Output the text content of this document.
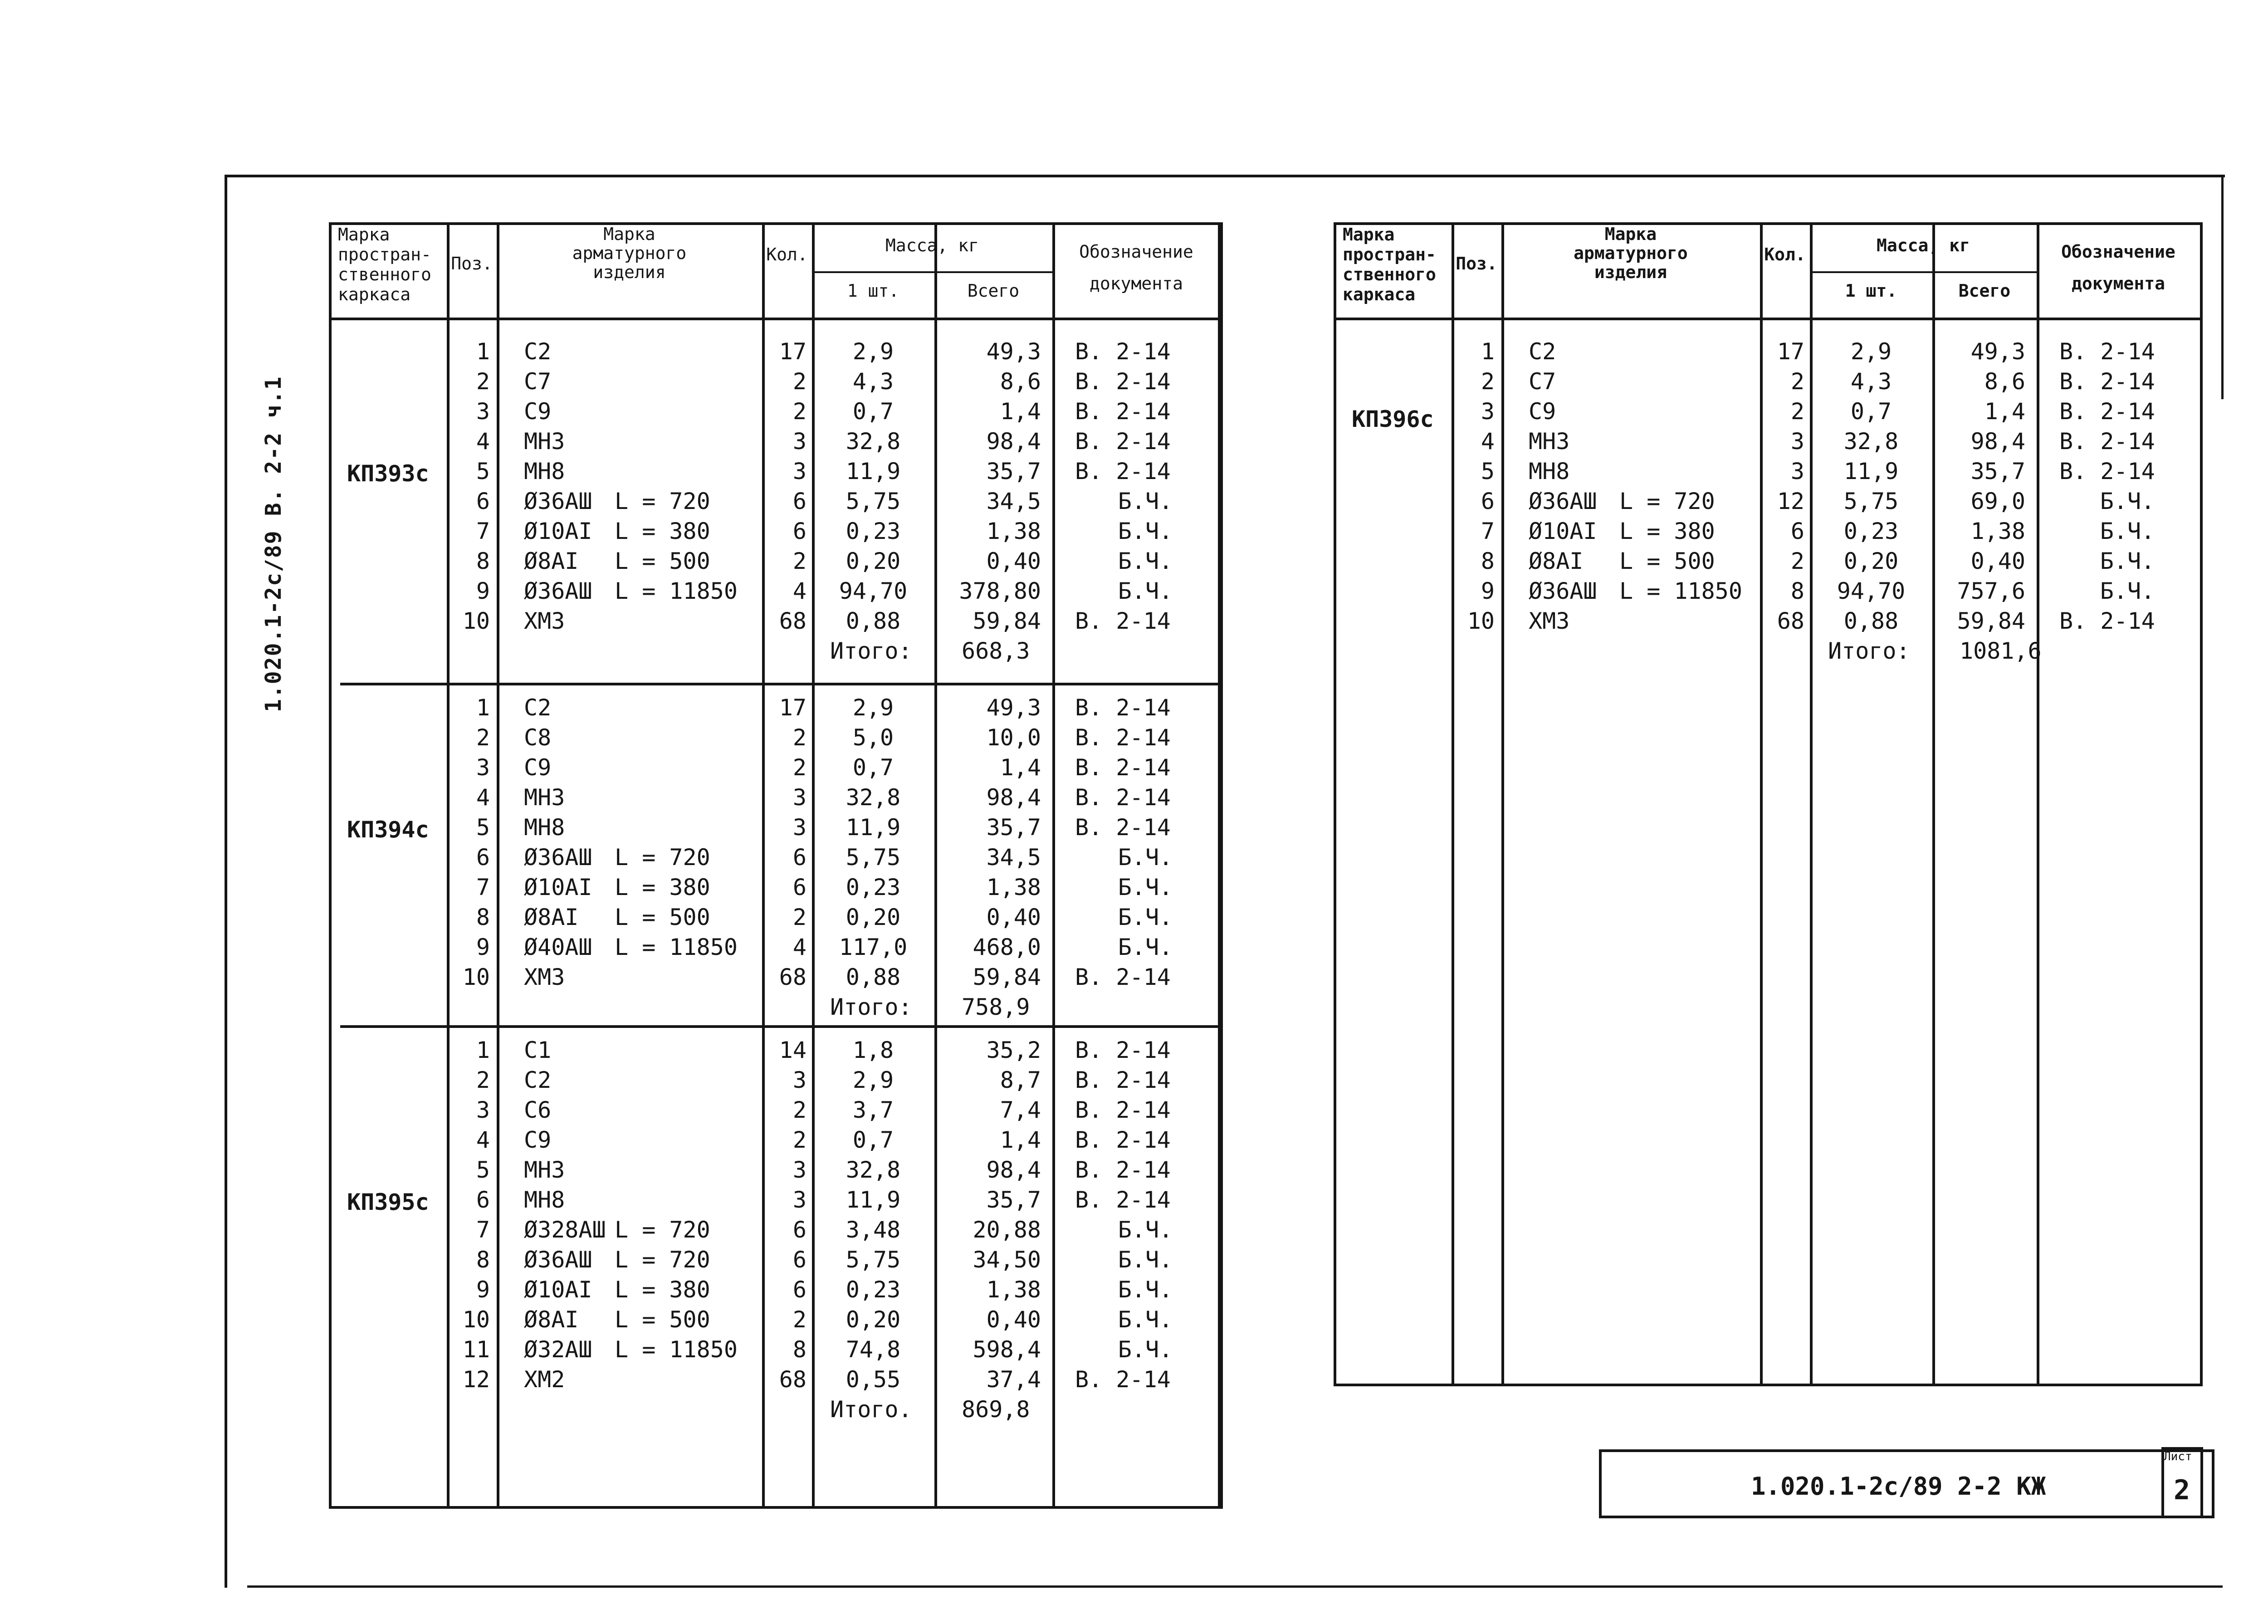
1.020.1-2с/89 В. 2-2 ч.1
1.020.1-2с/89 2-2 КЖ
Лист
2
Марка
простран-
ственного
каркаса
Поз.
Марка
арматурного
изделия
Кол.	Масса, кг
1 шт.	Всего
Обозначение
документа
КП393с
1 С2	17	2,9	49,3 В. 2-14
2 С7	2	4,3	8,6 В. 2-14
3 С9	2	0,7	1,4 В. 2-14
4 МН3	3	32,8	98,4 В. 2-14
5 МН8	3	11,9	35,7 В. 2-14
6 Ø36АШ L = 720	6	5,75	34,5	Б.Ч.
7 Ø10АI L = 380	6	0,23	1,38	Б.Ч.
8 Ø8АI L = 500	2	0,20	0,40	Б.Ч.
9 Ø36АШ L = 11850	4	94,70	378,80	Б.Ч.
10 ХМ3	68	0,88	59,84 В. 2-14
Итого: 668,3
КП394с
1 С2	17	2,9	49,3 В. 2-14
2 С8	2	5,0	10,0 В. 2-14
3 С9	2	0,7	1,4 В. 2-14
4 МН3	3	32,8	98,4 В. 2-14
5 МН8	3	11,9	35,7 В. 2-14
6 Ø36АШ L = 720	6	5,75	34,5	Б.Ч.
7 Ø10АI L = 380	6	0,23	1,38	Б.Ч.
8 Ø8АI L = 500	2	0,20	0,40	Б.Ч.
9 Ø40АШ L = 11850	4	117,0	468,0	Б.Ч.
10 ХМ3	68	0,88	59,84 В. 2-14
Итого: 758,9
КП395с
1 С1	14	1,8	35,2 В. 2-14
2 С2	3	2,9	8,7 В. 2-14
3 С6	2	3,7	7,4 В. 2-14
4 С9	2	0,7	1,4 В. 2-14
5 МН3	3	32,8	98,4 В. 2-14
6 МН8	3	11,9	35,7 В. 2-14
7 Ø328АШ L = 720	6	3,48	20,88	Б.Ч.
8 Ø36АШ L = 720	6	5,75	34,50	Б.Ч.
9 Ø10АI L = 380	6	0,23	1,38	Б.Ч.
10 Ø8АI L = 500	2	0,20	0,40	Б.Ч.
11 Ø32АШ L = 11850	8	74,8	598,4	Б.Ч.
12 ХМ2	68	0,55	37,4 В. 2-14
Итого. 869,8
Марка
простран-
ственного
каркаса
Поз.
Марка
арматурного
изделия
Кол.	Масса, кг
1 шт.	Всего
Обозначение
документа
КП396с
1 С2	17	2,9	49,3 В. 2-14
2 С7	2	4,3	8,6 В. 2-14
3 С9	2	0,7	1,4 В. 2-14
4 МН3	3	32,8	98,4 В. 2-14
5 МН8	3	11,9	35,7 В. 2-14
6 Ø36АШ L = 720	12	5,75	69,0	Б.Ч.
7 Ø10АI L = 380	6	0,23	1,38	Б.Ч.
8 Ø8АI L = 500	2	0,20	0,40	Б.Ч.
9 Ø36АШ L = 11850	8	94,70	757,6	Б.Ч.
10 ХМ3	68	0,88	59,84 В. 2-14
Итого: 1081,6
